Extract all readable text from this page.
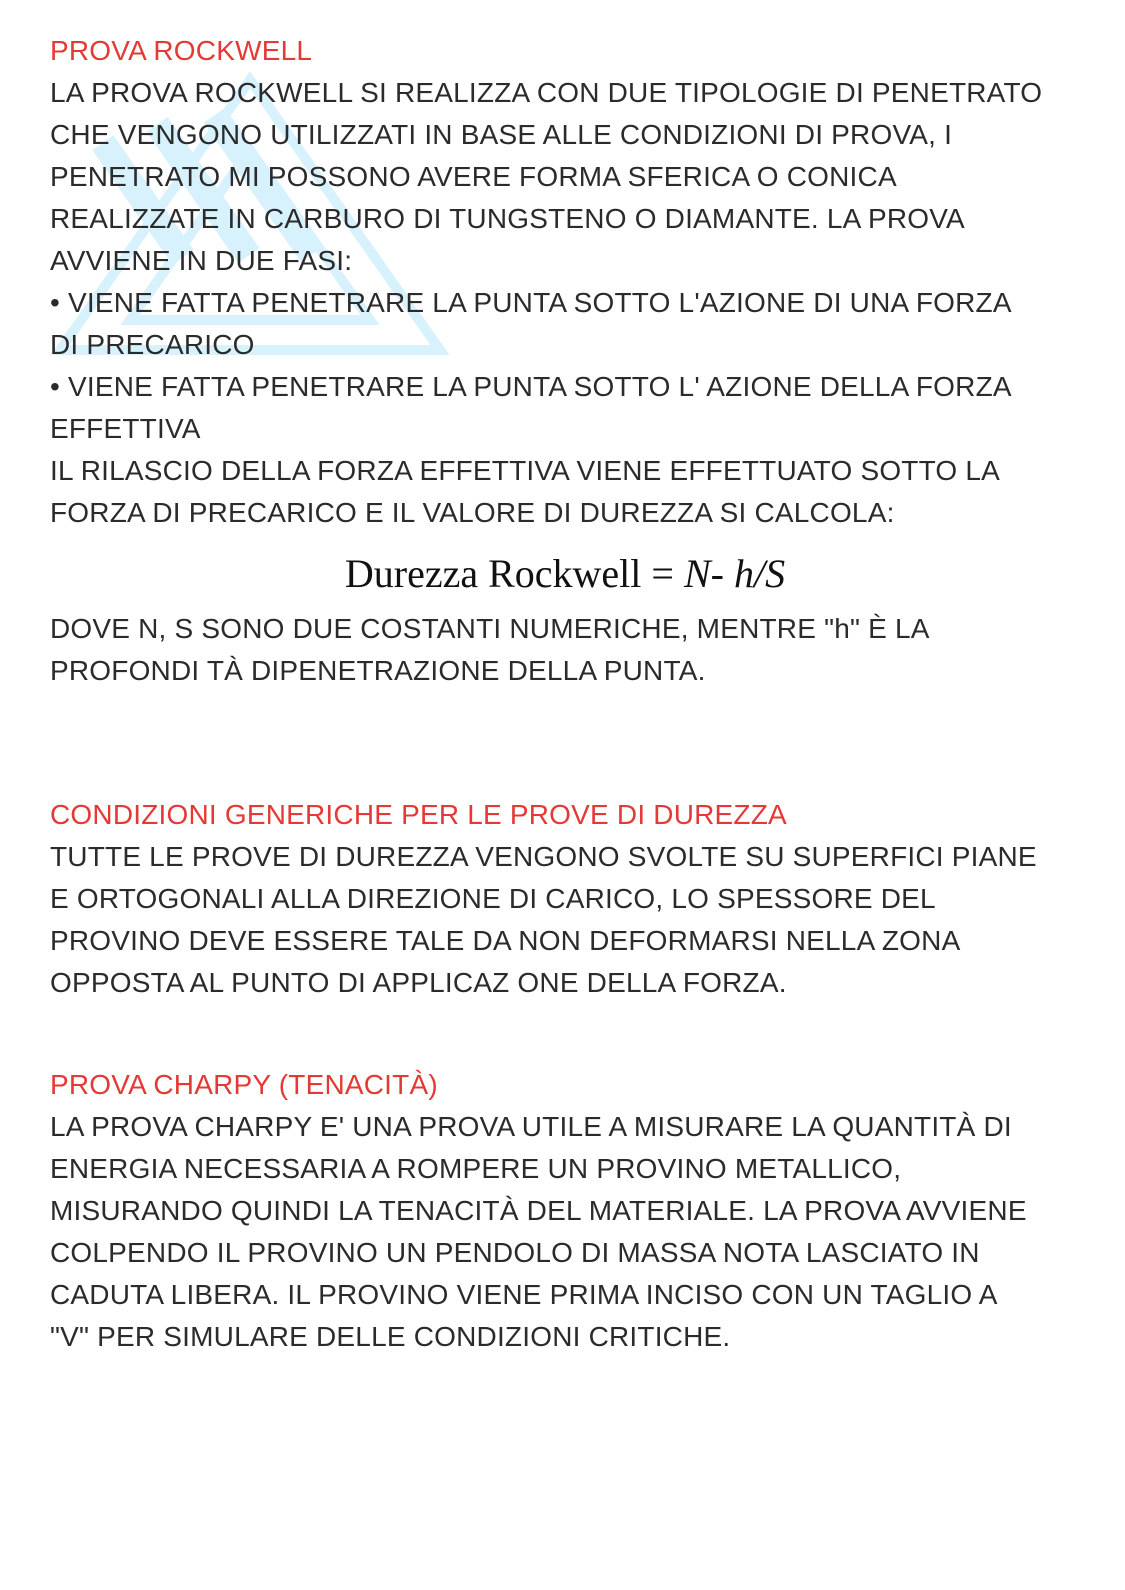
PROVA ROCKWELL

LA PROVA ROCKWELL SI REALIZZA CON DUE TIPOLOGIE DI PENETRATO

CHE VENGONO UTILIZZATI IN BASE ALLE CONDIZIONI DI PROVA, I

PENETRATO MI POSSONO AVERE FORMA SFERICA O CONICA

REALIZZATE IN CARBURO DI TUNGSTENO O DIAMANTE. LA PROVA

AVVIENE IN DUE FASI:

• VIENE FATTA PENETRARE LA PUNTA SOTTO L'AZIONE DI UNA FORZA

DI PRECARICO

• VIENE FATTA PENETRARE LA PUNTA SOTTO L' AZIONE DELLA FORZA

EFFETTIVA

IL RILASCIO DELLA FORZA EFFETTIVA VIENE EFFETTUATO SOTTO LA

FORZA DI PRECARICO E IL VALORE DI DUREZZA SI CALCOLA:

Durezza Rockwell = N- h/S

DOVE N, S SONO DUE COSTANTI NUMERICHE, MENTRE "h" È LA

PROFONDI TÀ DIPENETRAZIONE DELLA PUNTA.

CONDIZIONI GENERICHE PER LE PROVE DI DUREZZA

TUTTE LE PROVE DI DUREZZA VENGONO SVOLTE SU SUPERFICI PIANE

E ORTOGONALI ALLA DIREZIONE DI CARICO, LO SPESSORE DEL

PROVINO DEVE ESSERE TALE DA NON DEFORMARSI NELLA ZONA

OPPOSTA AL PUNTO DI APPLICAZ ONE DELLA FORZA.

PROVA CHARPY (TENACITÀ)

LA PROVA CHARPY E' UNA PROVA UTILE A MISURARE LA QUANTITÀ DI

ENERGIA NECESSARIA A ROMPERE UN PROVINO METALLICO,

MISURANDO QUINDI LA TENACITÀ DEL MATERIALE. LA PROVA AVVIENE

COLPENDO IL PROVINO UN PENDOLO DI MASSA NOTA LASCIATO IN

CADUTA LIBERA. IL PROVINO VIENE PRIMA INCISO CON UN TAGLIO A

"V" PER SIMULARE DELLE CONDIZIONI CRITICHE.
